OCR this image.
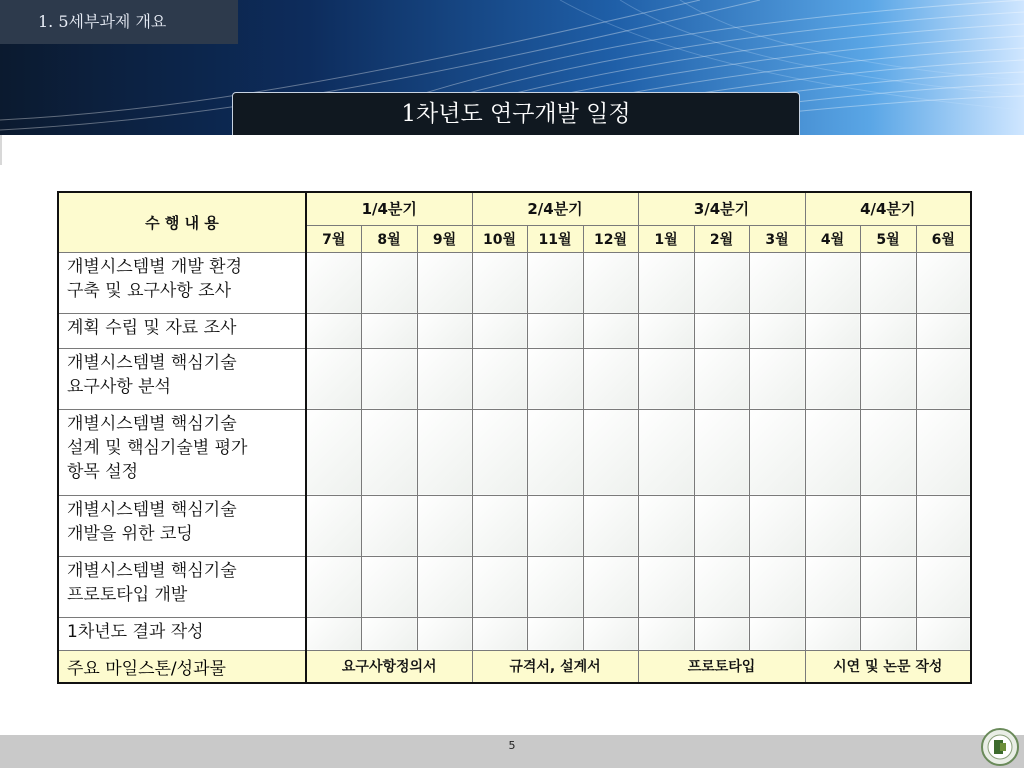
1. 5세부과제 개요
1차년도 연구개발 일정
수 행 내 용	1/4분기			2/4분기			3/4분기			4/4분기		
	7월	8월	9월	10월	11월	12월	1월	2월	3월	4월	5월	6월

개별시스템별 개발 환경
구축 및 요구사항 조사												

계획 수립 및 자료 조사												

개별시스템별 핵심기술
요구사항 분석												

개별시스템별 핵심기술
설계 및 핵심기술별 평가
항목 설정												

개별시스템별 핵심기술
개발을 위한 코딩												

개별시스템별 핵심기술
프로토타입 개발												

1차년도 결과 작성												

주요 마일스톤/성과물	요구사항정의서			규격서, 설계서			프로토타입			시연 및 논문 작성		
5
